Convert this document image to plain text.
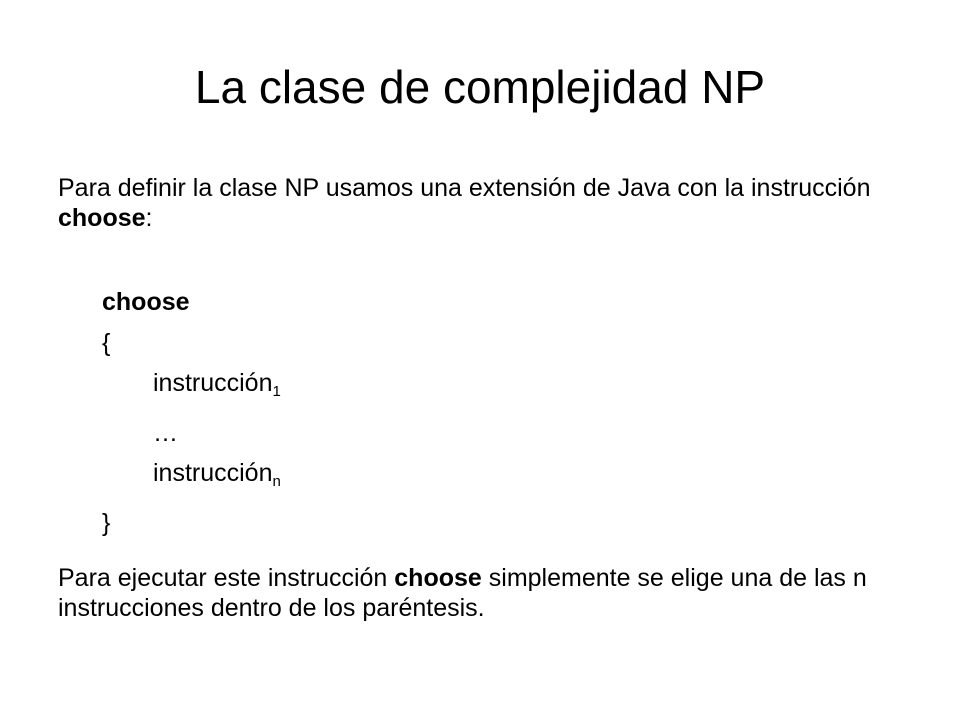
La clase de complejidad NP
Para definir la clase NP usamos una extensión de Java con la instrucción choose:
choose
{
instrucción$_1$
…
instrucción$_n$
}
Para ejecutar este instrucción choose simplemente se elige una de las n instrucciones dentro de los paréntesis.
